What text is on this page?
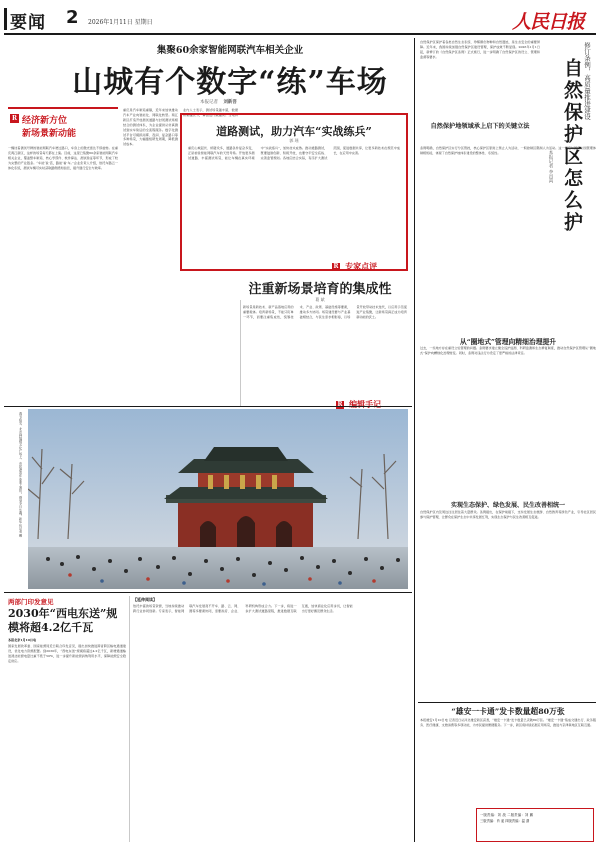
要闻 2 2026年1月11日 星期日	人民日报
集聚60余家智能网联汽车相关企业
山城有个数字“练”车场
本报记者 刘新吾
R 经济新方位
新场景新动能
一辆挂着测试号牌的智能网联汽车驶过路口，车身上的激光雷达不停旋转。在重庆两江新区，这样的场景每天都在上演。目前，这里已集聚60余家智能网联汽车相关企业，覆盖整车制造、核心零部件、软件算法、测试验证等环节，形成了较为完整的产业链条。“车能‘说’话，路能‘看’车。”企业负责人介绍，依托车路云一体化系统，测试车辆可实时获取路侧感知信息，提升通行安全与效率。
重庆是汽车制造重镇，近年来加快推动汽车产业向智能化、网联化转型。两江新区打造开放测试道路与封闭测试场相结合的测试体系，为企业提供从仿真测试到实车验证的全流程服务。数字化测试平台可模拟雨雾、夜间、复杂路口等多种场景，大幅缩短研发周期，降低测试成本。
业内人士表示，测试场景越丰富，数据积累越充分，算法迭代就越快。当地持
道路测试，助力汽车“实战练兵”
郭 瑶
重庆山城起伏、桥隧众多，道路条件复杂多变，正是检验智能网联汽车的天然考场。开放更多测试道路、丰富测试场景，能让车辆在真实环境中“实战练兵”，加快技术成熟。推动道路测试，既要鼓励创新、积极开放，也要守牢安全底线、完善监管规则。各地应结合实际，有序扩大测试范围，促进数据共享，让更多新技术在规范中成长，在应用中完善。
R 专家点评
注重新场景培育的集成性
葛 斌
新场景是新技术、新产品落地应用的重要载体。培育新场景，不能只盯单一环节，而要注重集成性，统筹技术、产业、政策、基础设施等要素，推动多方协同。场景建设要与产业基础相结合，与民生需求相衔接，以场景开放带动技术迭代，以应用示范促进产业集聚，让新场景真正成为培育新动能的沃土。
R 编辑手记
春节将至，北京钟鼓楼文化广场上，市民游客在冰面上游玩，感受冬日乐趣。新华社记者 摄
两部门印发意见
2030年“西电东送”规模将超4.2亿千瓦
本报北京1月10日电
国家发展改革委、国家能源局近日联合印发意见，提出加快推进跨省跨区输电通道建设，优化电力资源配置。到2030年，“西电东送”规模将超过4.2亿千瓦，新增通道输送清洁能源电量比重不低于50%，进一步提升新能源消纳利用水平，保障能源安全稳定供应。
【延伸阅读】
依托丰富的场景资源，当地持续推动跨行业协同创新。专家表示，智能网联汽车发展离不开车、路、云、网、图等多要素协同，需要政府、企业、科研机构形成合力。下一步，将进一步扩大测试道路里程，推进数据互联互通，加快商业化应用步伐，让智能出行更好惠及群众生活。
自然保护区保护着各类自然生态系统、珍稀濒危物种和自然遗迹，是生态安全的重要屏障。近年来，我国持续加强自然保护区建设管理，保护成效不断显现。2026年1月1日起，新修订的《自然保护区条例》正式施行，进一步明确了自然保护区的设立、管理和监督等要求。
自然保护地领域承上启下的关键立法
条例明确，自然保护区实行分区管控，核心保护区原则上禁止人为活动，一般控制区限制人为活动。这一规定与国家公园管理体制相衔接，体现了自然保护地体系建设的整体性、系统性。
修订条例，高质量推进建设
自然保护区怎么护
本报记者 李昌禹
从“圈地式”管理向精细治理提升
过去，一些地方存在重设立轻管理的问题。条例要求建立健全巡护监测、科研监测和生态修复制度，推动自然保护区管理从“圈地式”保护向精细化治理转变。同时，条例对违法行为设定了更严格的法律责任。
实现生态保护、绿色发展、民生改善相统一
自然保护区内及周边往往居住着大量群众。条例提出，在保护前提下，支持发展生态旅游、自然教育等绿色产业，引导社区居民参与保护管理，让群众在保护生态中共享发展红利，实现生态保护与民生改善相互促进。
“雄安一卡通”发卡数量超80万张
本报雄安1月10日电 记者近日从河北雄安新区获悉，“雄安一卡通”发卡数量已突破80万张。“雄安一卡通”集成交通出行、政务服务、医疗健康、文旅消费等多项功能，为市民提供便捷服务。下一步，新区将持续拓展应用场景，推进与京津冀地区互联互通。
一版责编：刘 战 二版责编：刘 鹏 三版责编：肖 遥 四版责编：温 潇
